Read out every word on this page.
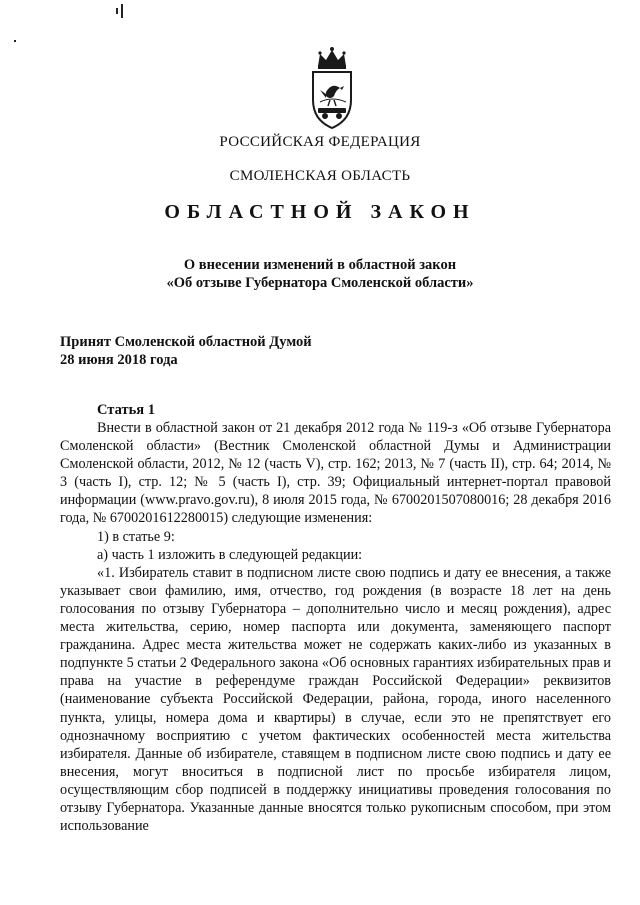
РОССИЙСКАЯ ФЕДЕРАЦИЯ
СМОЛЕНСКАЯ ОБЛАСТЬ
ОБЛАСТНОЙ ЗАКОН
О внесении изменений в областной закон
«Об отзыве Губернатора Смоленской области»
Принят Смоленской областной Думой
28 июня 2018 года
Статья 1

Внести в областной закон от 21 декабря 2012 года № 119-з «Об отзыве Губернатора Смоленской области» (Вестник Смоленской областной Думы и Администрации Смоленской области, 2012, № 12 (часть V), стр. 162; 2013, № 7 (часть II), стр. 64; 2014, № 3 (часть I), стр. 12; № 5 (часть I), стр. 39; Официальный интернет-портал правовой информации (www.pravo.gov.ru), 8 июля 2015 года, № 6700201507080016; 28 декабря 2016 года, № 6700201612280015) следующие изменения:

1) в статье 9:

а) часть 1 изложить в следующей редакции:

«1. Избиратель ставит в подписном листе свою подпись и дату ее внесения, а также указывает свои фамилию, имя, отчество, год рождения (в возрасте 18 лет на день голосования по отзыву Губернатора – дополнительно число и месяц рождения), адрес места жительства, серию, номер паспорта или документа, заменяющего паспорт гражданина. Адрес места жительства может не содержать каких-либо из указанных в подпункте 5 статьи 2 Федерального закона «Об основных гарантиях избирательных прав и права на участие в референдуме граждан Российской Федерации» реквизитов (наименование субъекта Российской Федерации, района, города, иного населенного пункта, улицы, номера дома и квартиры) в случае, если это не препятствует его однозначному восприятию с учетом фактических особенностей места жительства избирателя. Данные об избирателе, ставящем в подписном листе свою подпись и дату ее внесения, могут вноситься в подписной лист по просьбе избирателя лицом, осуществляющим сбор подписей в поддержку инициативы проведения голосования по отзыву Губернатора. Указанные данные вносятся только рукописным способом, при этом использование
